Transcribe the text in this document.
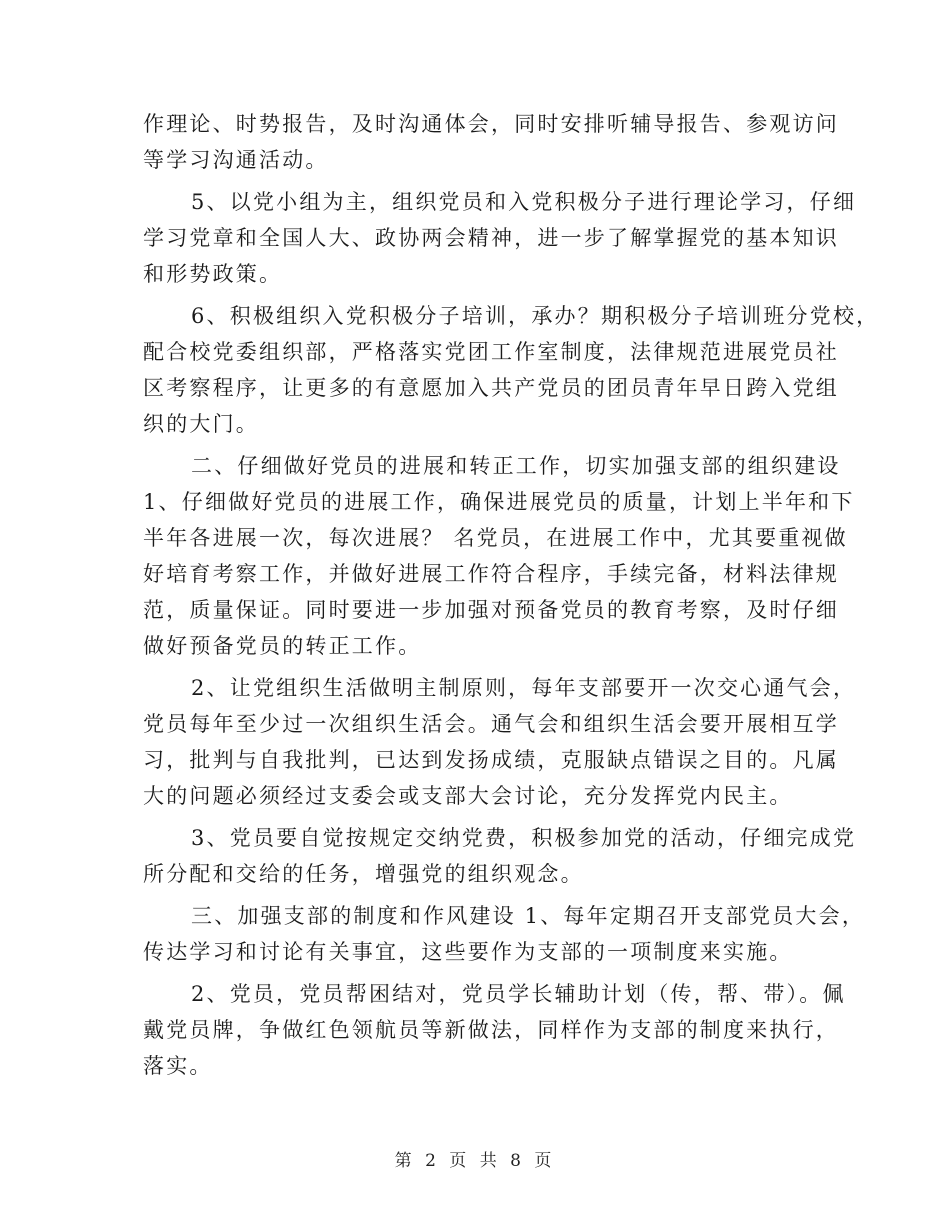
作理论、时势报告，及时沟通体会，同时安排听辅导报告、参观访问
等学习沟通活动。
5、以党小组为主，组织党员和入党积极分子进行理论学习，仔细
学习党章和全国人大、政协两会精神，进一步了解掌握党的基本知识
和形势政策。
6、积极组织入党积极分子培训，承办？期积极分子培训班分党校，
配合校党委组织部，严格落实党团工作室制度，法律规范进展党员社
区考察程序，让更多的有意愿加入共产党员的团员青年早日跨入党组
织的大门。
二、仔细做好党员的进展和转正工作，切实加强支部的组织建设
1、仔细做好党员的进展工作，确保进展党员的质量，计划上半年和下
半年各进展一次，每次进展？ 名党员，在进展工作中，尤其要重视做
好培育考察工作，并做好进展工作符合程序，手续完备，材料法律规
范，质量保证。同时要进一步加强对预备党员的教育考察，及时仔细
做好预备党员的转正工作。
2、让党组织生活做明主制原则，每年支部要开一次交心通气会，
党员每年至少过一次组织生活会。通气会和组织生活会要开展相互学
习，批判与自我批判，已达到发扬成绩，克服缺点错误之目的。凡属
大的问题必须经过支委会或支部大会讨论，充分发挥党内民主。
3、党员要自觉按规定交纳党费，积极参加党的活动，仔细完成党
所分配和交给的任务，增强党的组织观念。
三、加强支部的制度和作风建设 1、每年定期召开支部党员大会，
传达学习和讨论有关事宜，这些要作为支部的一项制度来实施。
2、党员，党员帮困结对，党员学长辅助计划（传，帮、带）。佩
戴党员牌，争做红色领航员等新做法，同样作为支部的制度来执行，
落实。
第 2 页 共 8 页
